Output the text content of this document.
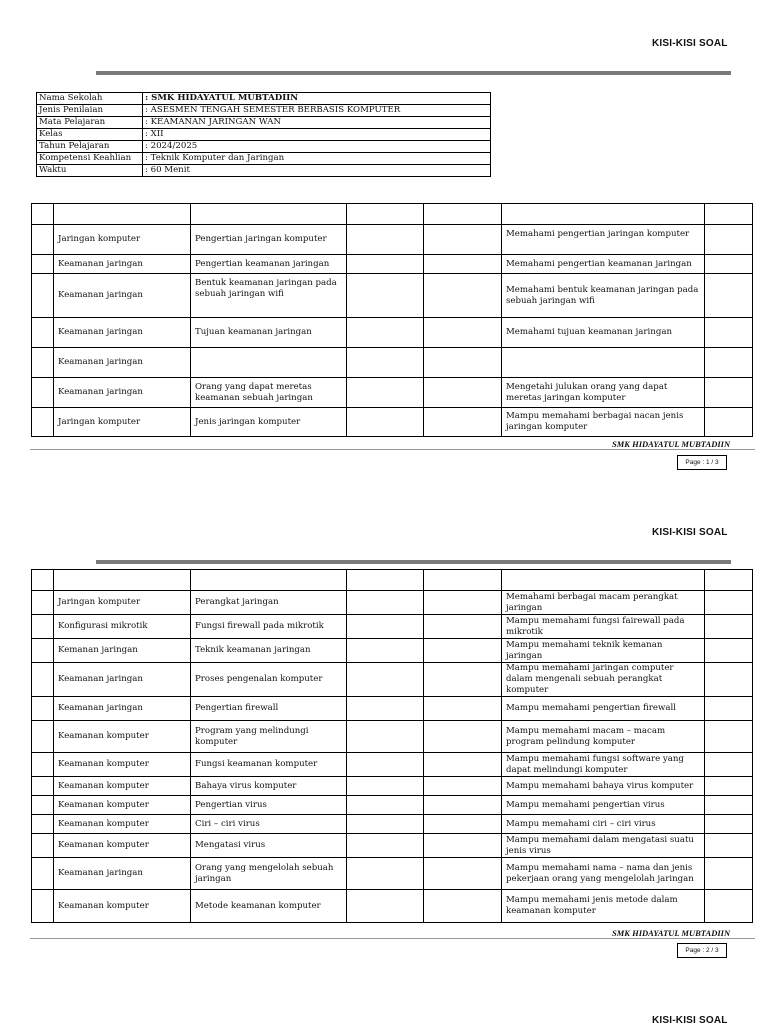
KISI-KISI SOAL
Nama Sekolah	: SMK HIDAYATUL MUBTADIIN
Jenis Penilaian	: ASESMEN TENGAH SEMESTER BERBASIS KOMPUTER
Mata Pelajaran	: KEAMANAN JARINGAN WAN
Kelas	: XII
Tahun Pelajaran	: 2024/2025
Kompetensi Keahlian	: Teknik Komputer dan Jaringan
Waktu	: 60 Menit

	Jaringan komputer	Pengertian jaringan komputer			Memahami pengertian jaringan komputer	
	Keamanan jaringan	Pengertian keamanan jaringan			Memahami pengertian keamanan jaringan	
	Keamanan jaringan	Bentuk keamanan jaringan pada sebuah jaringan wifi			Memahami bentuk keamanan jaringan pada sebuah jaringan wifi	
	Keamanan jaringan	Tujuan keamanan jaringan			Memahami tujuan keamanan jaringan	
	Keamanan jaringan					
	Keamanan jaringan	Orang yang dapat meretas keamanan sebuah jaringan			Mengetahi julukan orang yang dapat meretas jaringan komputer	
	Jaringan komputer	Jenis jaringan komputer			Mampu memahami berbagai nacan jenis jaringan komputer	
SMK HIDAYATUL MUBTADIIN
Page : 1 / 3
KISI-KISI SOAL

	Jaringan komputer	Perangkat jaringan			Memahami berbagai macam perangkat jaringan	
	Konfigurasi mikrotik	Fungsi firewall pada mikrotik			Mampu memahami fungsi fairewall pada mikrotik	
	Kemanan jaringan	Teknik keamanan jaringan			Mampu memahami teknik kemanan jaringan	
	Keamanan jaringan	Proses pengenalan komputer			Mampu memahami jaringan computer dalam mengenali sebuah perangkat komputer	
	Keamanan jaringan	Pengertian firewall			Mampu memahami pengertian firewall	
	Keamanan komputer	Program yang melindungi komputer			Mampu memahami macam – macam program pelindung komputer	
	Keamanan komputer	Fungsi keamanan komputer			Mampu memahami fungsi software yang dapat melindungi komputer	
	Keamanan komputer	Bahaya virus komputer			Mampu memahami bahaya virus komputer	
	Keamanan komputer	Pengertian virus			Mampu memahami pengertian virus	
	Keamanan komputer	Ciri – ciri virus			Mampu memahami ciri – ciri virus	
	Keamanan komputer	Mengatasi virus			Mampu memahami dalam mengatasi suatu jenis virus	
	Keamanan jaringan	Orang yang mengelolah sebuah jaringan			Mampu memahami nama – nama dan jenis pekerjaan orang yang mengelolah jaringan	
	Keamanan komputer	Metode keamanan komputer			Mampu memahami jenis metode dalam keamanan komputer	
SMK HIDAYATUL MUBTADIIN
Page : 2 / 3
KISI-KISI SOAL
